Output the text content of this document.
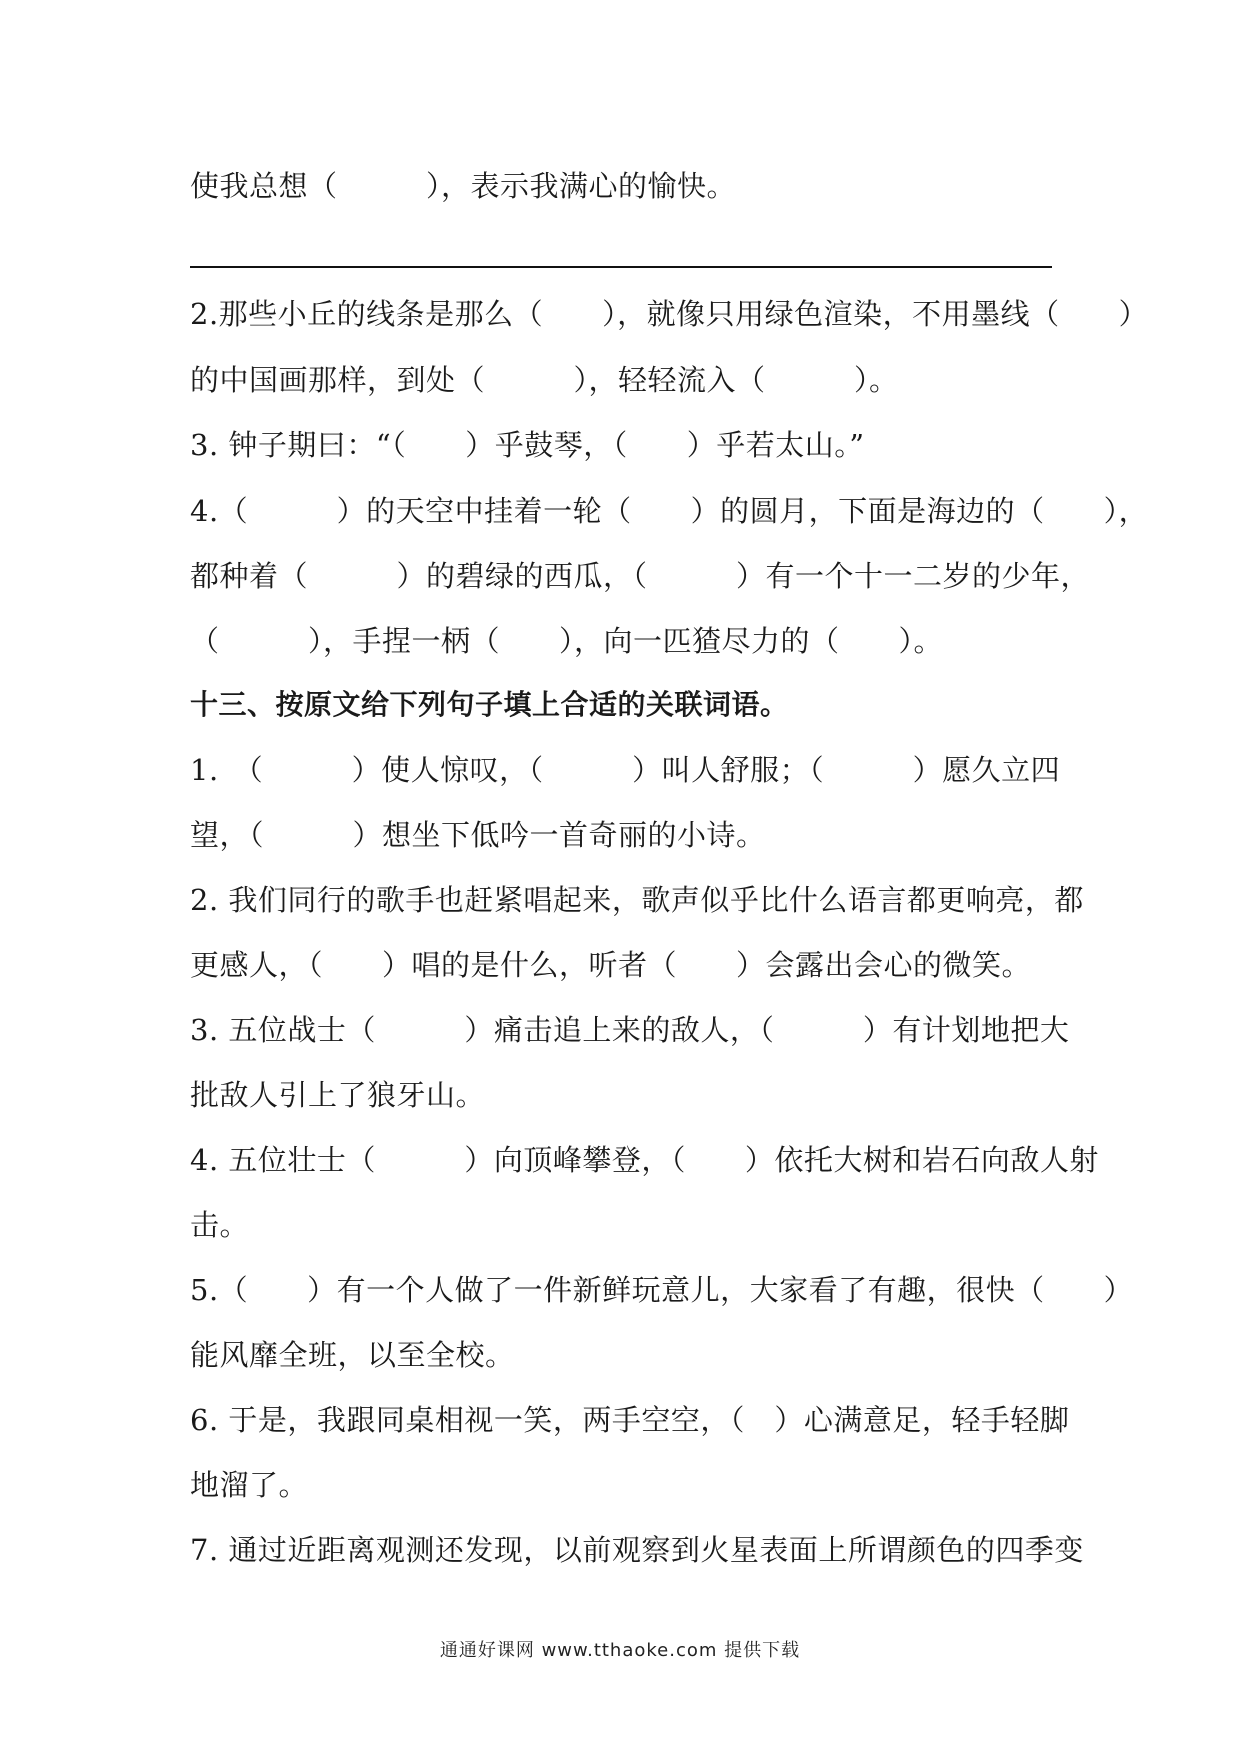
使我总想（　　　），表示我满心的愉快。
2.那些小丘的线条是那么（　　），就像只用绿色渲染，不用墨线（　　）
的中国画那样，到处（　　　），轻轻流入（　　　）。
3. 钟子期曰：“（　　）乎鼓琴，（　　）乎若太山。”
4.（　　　）的天空中挂着一轮（　　）的圆月，下面是海边的（　　），
都种着（　　　）的碧绿的西瓜，（　　　）有一个十一二岁的少年，
（　　　），手捏一柄（　　），向一匹猹尽力的（　　）。
十三、按原文给下列句子填上合适的关联词语。
1.　（　　　）使人惊叹，（　　　）叫人舒服；（　　　）愿久立四
望，（　　　）想坐下低吟一首奇丽的小诗。
2. 我们同行的歌手也赶紧唱起来，歌声似乎比什么语言都更响亮，都
更感人，（　　）唱的是什么，听者（　　）会露出会心的微笑。
3. 五位战士（　　　）痛击追上来的敌人，（　　　）有计划地把大
批敌人引上了狼牙山。
4. 五位壮士（　　　）向顶峰攀登，（　　）依托大树和岩石向敌人射
击。
5.（　　）有一个人做了一件新鲜玩意儿，大家看了有趣，很快（　　）
能风靡全班，以至全校。
6. 于是，我跟同桌相视一笑，两手空空，（　）心满意足，轻手轻脚
地溜了。
7. 通过近距离观测还发现，以前观察到火星表面上所谓颜色的四季变
通通好课网 www.tthaoke.com 提供下载
